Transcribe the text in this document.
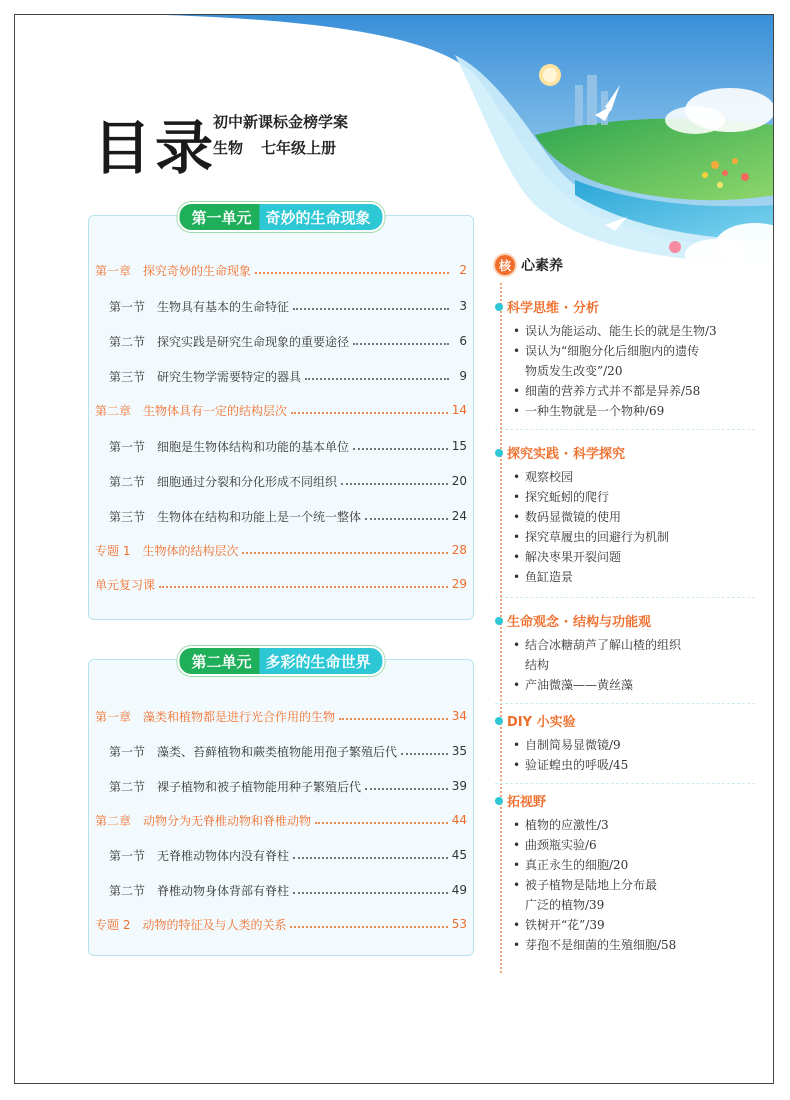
目录
初中新课标金榜学案
生物 七年级上册
第一单元 奇妙的生命现象
第一章 探究奇妙的生命现象	2
第一节 生物具有基本的生命特征	3
第二节 探究实践是研究生命现象的重要途径	6
第三节 研究生物学需要特定的器具	9
第二章 生物体具有一定的结构层次	14
第一节 细胞是生物体结构和功能的基本单位	15
第二节 细胞通过分裂和分化形成不同组织	20
第三节 生物体在结构和功能上是一个统一整体	24
专题 1 生物体的结构层次	28
单元复习课	29
第二单元 多彩的生命世界
第一章 藻类和植物都是进行光合作用的生物	34
第一节 藻类、苔藓植物和蕨类植物能用孢子繁殖后代	35
第二节 裸子植物和被子植物能用种子繁殖后代	39
第二章 动物分为无脊椎动物和脊椎动物	44
第一节 无脊椎动物体内没有脊柱	45
第二节 脊椎动物身体背部有脊柱	49
专题 2 动物的特征及与人类的关系	53
核 心素养
科学思维 · 分析
• 误认为能运动、能生长的就是生物/3
• 误认为“细胞分化后细胞内的遗传
物质发生改变”/20
• 细菌的营养方式并不都是异养/58
• 一种生物就是一个物种/69
探究实践 · 科学探究
• 观察校园
• 探究蚯蚓的爬行
• 数码显微镜的使用
• 探究草履虫的回避行为机制
• 解决枣果开裂问题
• 鱼缸造景
生命观念 · 结构与功能观
• 结合冰糖葫芦了解山楂的组织
结构
• 产油微藻——黄丝藻
DIY 小实验
• 自制简易显微镜/9
• 验证蝗虫的呼吸/45
拓视野
• 植物的应激性/3
• 曲颈瓶实验/6
• 真正永生的细胞/20
• 被子植物是陆地上分布最
广泛的植物/39
• 铁树开“花”/39
• 芽孢不是细菌的生殖细胞/58
